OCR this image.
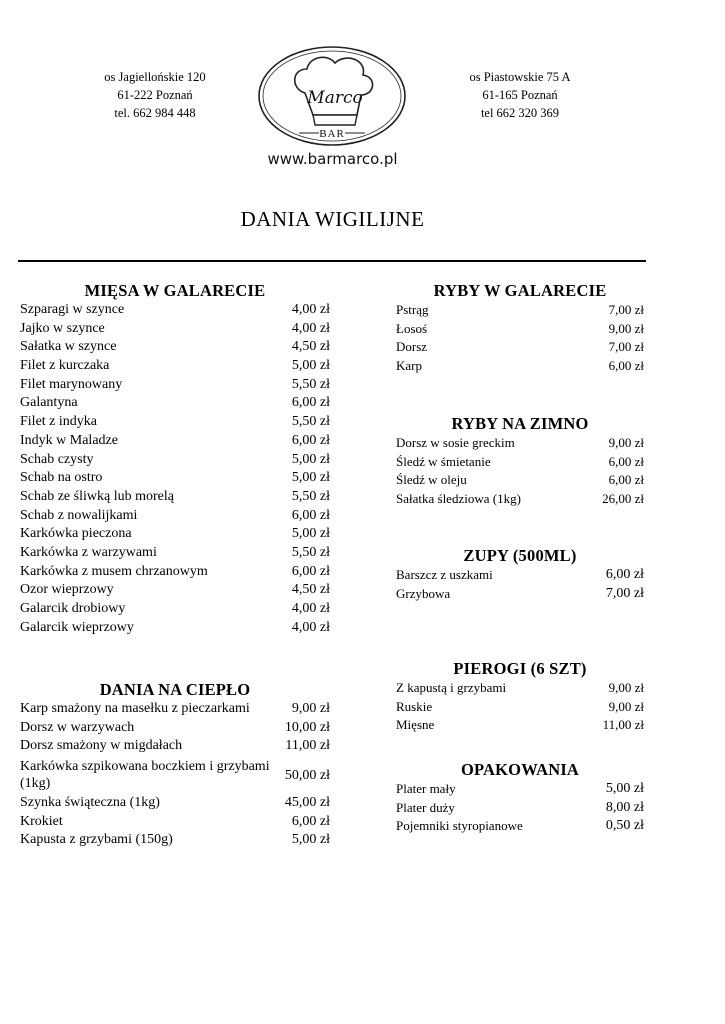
os Jagiellońskie 120
61-222 Poznań
tel. 662 984 448
Marco
BAR
os Piastowskie 75 A
61-165 Poznań
tel 662 320 369
www.barmarco.pl
DANIA WIGILIJNE
MIĘSA W GALARECIE
Szparagi w szynce	4,00 zł
Jajko w szynce	4,00 zł
Sałatka w szynce	4,50 zł
Filet z kurczaka	5,00 zł
Filet marynowany	5,50 zł
Galantyna	6,00 zł
Filet z indyka	5,50 zł
Indyk w Maladze	6,00 zł
Schab czysty	5,00 zł
Schab na ostro	5,00 zł
Schab ze śliwką lub morelą	5,50 zł
Schab z nowalijkami	6,00 zł
Karkówka pieczona	5,00 zł
Karkówka z warzywami	5,50 zł
Karkówka z musem chrzanowym	6,00 zł
Ozor wieprzowy	4,50 zł
Galarcik drobiowy	4,00 zł
Galarcik wieprzowy	4,00 zł
DANIA NA CIEPŁO
Karp smażony na masełku z pieczarkami	9,00 zł
Dorsz w warzywach	10,00 zł
Dorsz smażony w migdałach	11,00 zł
Karkówka szpikowana boczkiem i grzybami (1kg)
50,00 zł
Szynka świąteczna (1kg)	45,00 zł
Krokiet	6,00 zł
Kapusta z grzybami (150g)	5,00 zł
RYBY W GALARECIE
Pstrąg	7,00 zł
Łosoś	9,00 zł
Dorsz	7,00 zł
Karp	6,00 zł
RYBY NA ZIMNO
Dorsz w sosie greckim	9,00 zł
Śledź w śmietanie	6,00 zł
Śledź w oleju	6,00 zł
Sałatka śledziowa (1kg)	26,00 zł
ZUPY (500ML)
Barszcz z uszkami	6,00 zł
Grzybowa	7,00 zł
PIEROGI (6 SZT)
Z kapustą i grzybami	9,00 zł
Ruskie	9,00 zł
Mięsne	11,00 zł
OPAKOWANIA
Plater mały	5,00 zł
Plater duży	8,00 zł
Pojemniki styropianowe	0,50 zł
